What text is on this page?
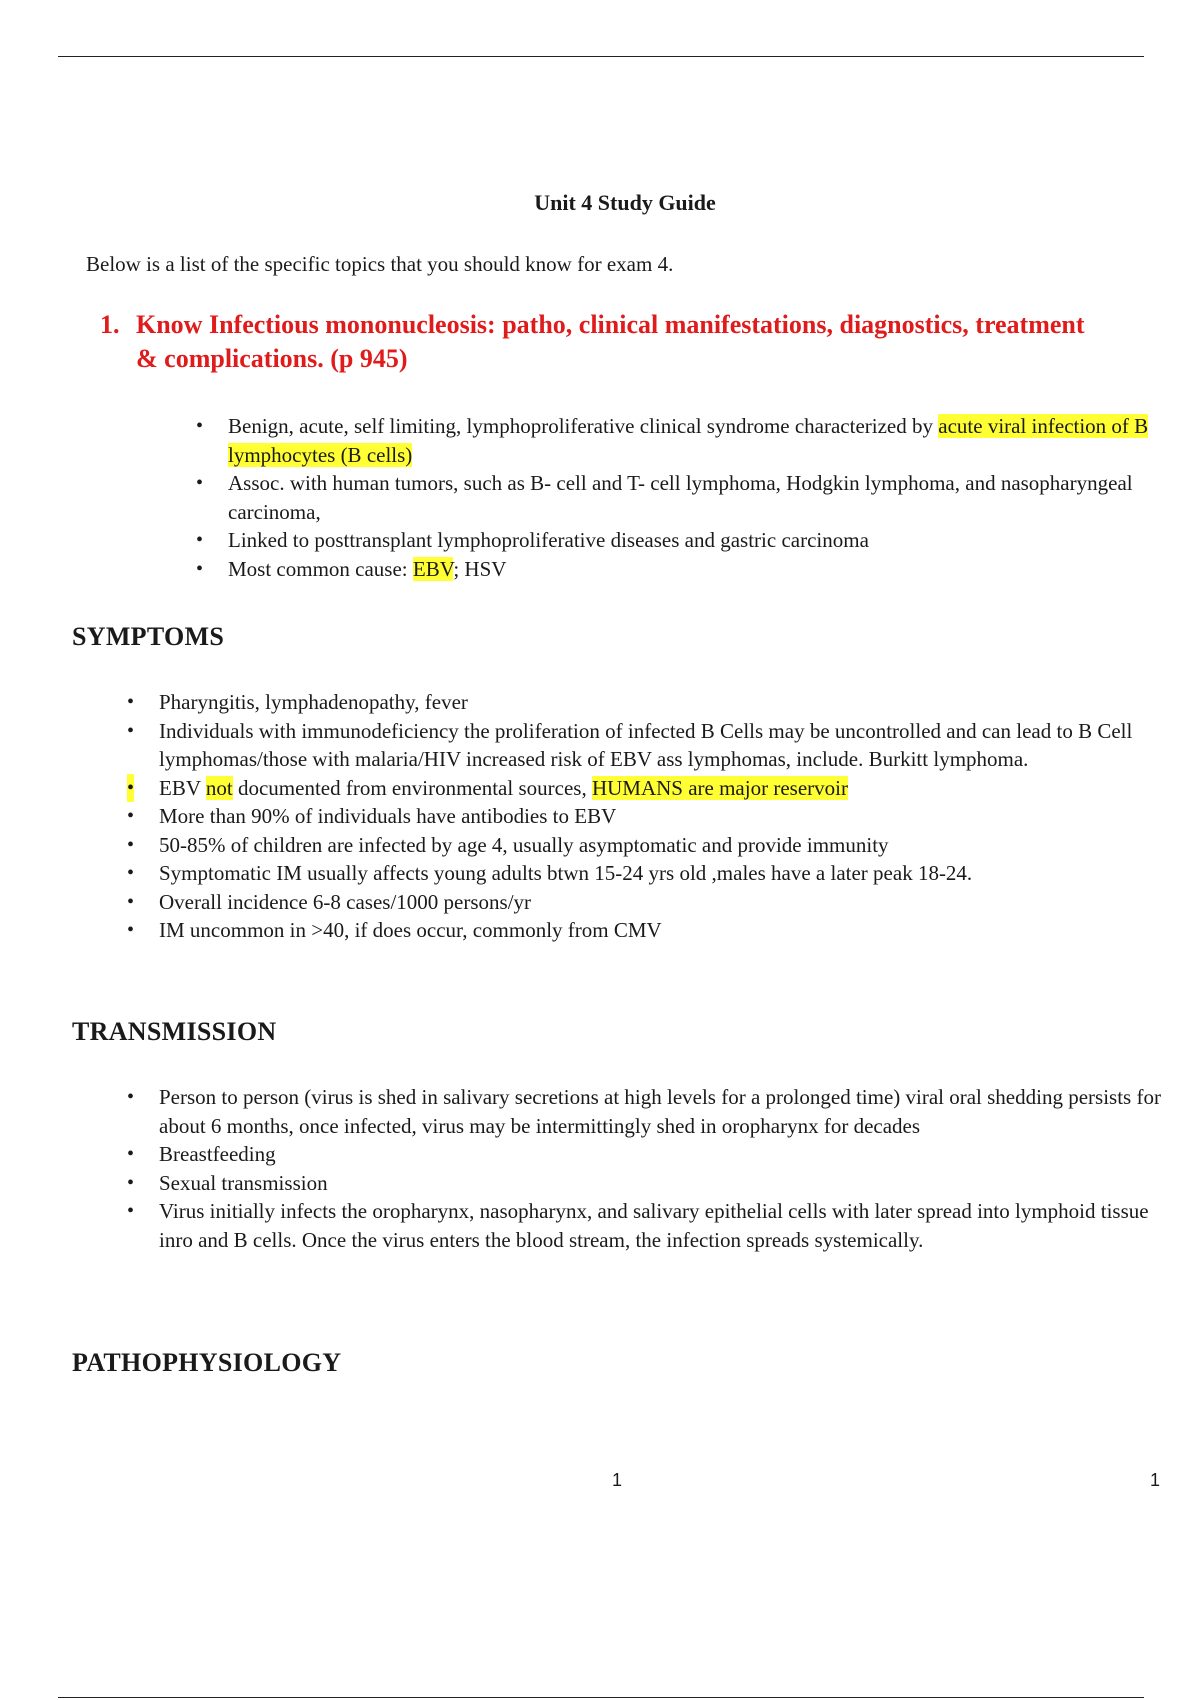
Unit 4 Study Guide
Below is a list of the specific topics that you should know for exam 4.
1. Know Infectious mononucleosis: patho, clinical manifestations, diagnostics, treatment & complications. (p 945)
• Benign, acute, self limiting, lymphoproliferative clinical syndrome characterized by acute viral infection of B lymphocytes (B cells)
• Assoc. with human tumors, such as B- cell and T- cell lymphoma, Hodgkin lymphoma, and nasopharyngeal carcinoma,
• Linked to posttransplant lymphoproliferative diseases and gastric carcinoma
• Most common cause: EBV; HSV
SYMPTOMS
• Pharyngitis, lymphadenopathy, fever
• Individuals with immunodeficiency the proliferation of infected B Cells may be uncontrolled and can lead to B Cell lymphomas/those with malaria/HIV increased risk of EBV ass lymphomas, include. Burkitt lymphoma.
• EBV not documented from environmental sources, HUMANS are major reservoir
• More than 90% of individuals have antibodies to EBV
• 50-85% of children are infected by age 4, usually asymptomatic and provide immunity
• Symptomatic IM usually affects young adults btwn 15-24 yrs old ,males have a later peak 18-24.
• Overall incidence 6-8 cases/1000 persons/yr
• IM uncommon in >40, if does occur, commonly from CMV
TRANSMISSION
• Person to person (virus is shed in salivary secretions at high levels for a prolonged time) viral oral shedding persists for about 6 months, once infected, virus may be intermittingly shed in oropharynx for decades
• Breastfeeding
• Sexual transmission
• Virus initially infects the oropharynx, nasopharynx, and salivary epithelial cells with later spread into lymphoid tissue inro and B cells. Once the virus enters the blood stream, the infection spreads systemically.
PATHOPHYSIOLOGY
1	1
